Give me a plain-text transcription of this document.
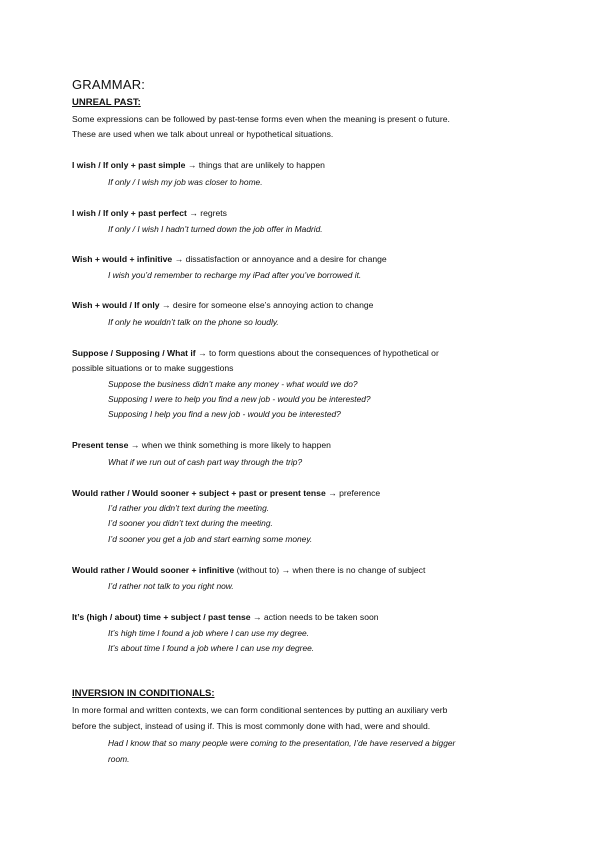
GRAMMAR:
UNREAL PAST:
Some expressions can be followed by past-tense forms even when the meaning is present o future.
These are used when we talk about unreal or hypothetical situations.
I wish / If only + past simple → things that are unlikely to happen
If only / I wish my job was closer to home.
I wish / If only + past perfect → regrets
If only / I wish I hadn’t turned down the job offer in Madrid.
Wish + would + infinitive → dissatisfaction or annoyance and a desire for change
I wish you’d remember to recharge my iPad after you’ve borrowed it.
Wish + would / If only → desire for someone else’s annoying action to change
If only he wouldn’t talk on the phone so loudly.
Suppose / Supposing / What if → to form questions about the consequences of hypothetical or
possible situations or to make suggestions
Suppose the business didn’t make any money - what would we do?
Supposing I were to help you find a new job - would you be interested?
Supposing I help you find a new job - would you be interested?
Present tense → when we think something is more likely to happen
What if we run out of cash part way through the trip?
Would rather / Would sooner + subject + past or present tense → preference
I’d rather you didn’t text during the meeting.
I’d sooner you didn’t text during the meeting.
I’d sooner you get a job and start earning some money.
Would rather / Would sooner + infinitive (without to) → when there is no change of subject
I’d rather not talk to you right now.
It’s (high / about) time + subject / past tense → action needs to be taken soon
It’s high time I found a job where I can use my degree.
It’s about time I found a job where I can use my degree.
INVERSION IN CONDITIONALS:
In more formal and written contexts, we can form conditional sentences by putting an auxiliary verb
before the subject, instead of using if. This is most commonly done with had, were and should.
Had I know that so many people were coming to the presentation, I’de have reserved a bigger
room.
